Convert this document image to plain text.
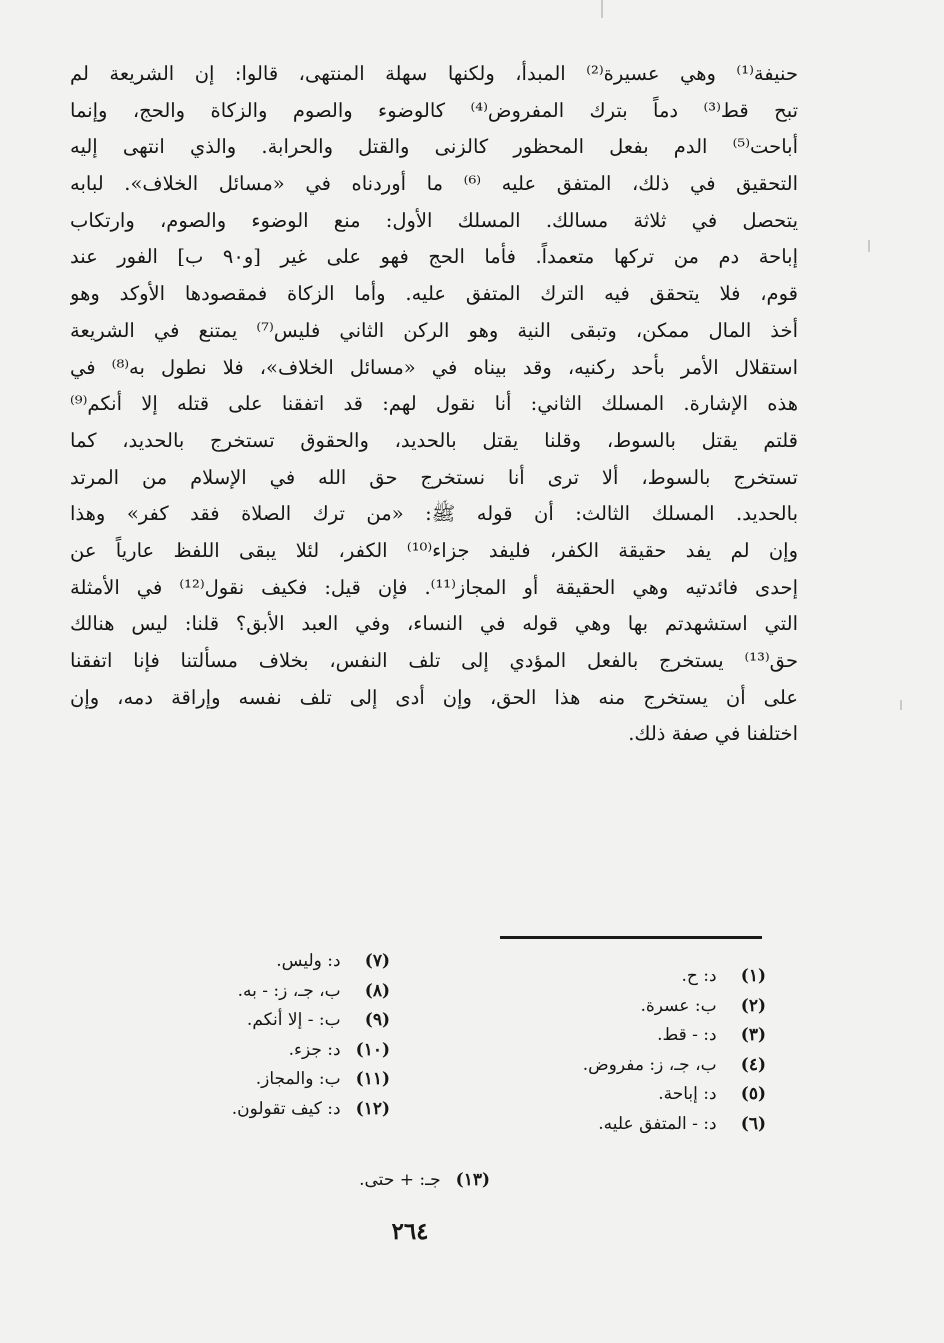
حنيفة⁽¹⁾ وهي عسيرة⁽²⁾ المبدأ، ولكنها سهلة المنتهى، قالوا: إن الشريعة لم
تبح قط⁽³⁾ دماً بترك المفروض⁽⁴⁾ كالوضوء والصوم والزكاة والحج، وإنما
أباحت⁽⁵⁾ الدم بفعل المحظور كالزنى والقتل والحرابة. والذي انتهى إليه
التحقيق في ذلك، المتفق عليه ⁽⁶⁾ ما أوردناه في «مسائل الخلاف». لبابه
يتحصل في ثلاثة مسالك. المسلك الأول: منع الوضوء والصوم، وارتكاب
إباحة دم من تركها متعمداً. فأما الحج فهو على غير [و٩٠ ب] الفور عند
قوم، فلا يتحقق فيه الترك المتفق عليه. وأما الزكاة فمقصودها الأوكد وهو
أخذ المال ممكن، وتبقى النية وهو الركن الثاني فليس⁽⁷⁾ يمتنع في الشريعة
استقلال الأمر بأحد ركنيه، وقد بيناه في «مسائل الخلاف»، فلا نطول به⁽⁸⁾ في
هذه الإشارة. المسلك الثاني: أنا نقول لهم: قد اتفقنا على قتله إلا أنكم⁽⁹⁾
قلتم يقتل بالسوط، وقلنا يقتل بالحديد، والحقوق تستخرج بالحديد، كما
تستخرج بالسوط، ألا ترى أنا نستخرج حق الله في الإسلام من المرتد
بالحديد. المسلك الثالث: أن قوله ﷺ: «من ترك الصلاة فقد كفر» وهذا
وإن لم يفد حقيقة الكفر، فليفد جزاء⁽¹⁰⁾ الكفر، لئلا يبقى اللفظ عارياً عن
إحدى فائدتيه وهي الحقيقة أو المجاز⁽¹¹⁾. فإن قيل: فكيف نقول⁽¹²⁾ في الأمثلة
التي استشهدتم بها وهي قوله في النساء، وفي العبد الأبق؟ قلنا: ليس هنالك
حق⁽¹³⁾ يستخرج بالفعل المؤدي إلى تلف النفس، بخلاف مسألتنا فإنا اتفقنا
على أن يستخرج منه هذا الحق، وإن أدى إلى تلف نفسه وإراقة دمه، وإن
اختلفنا في صفة ذلك.
(١) د: ح.
(٢) ب: عسرة.
(٣) د: - قط.
(٤) ب، جـ، ز: مفروض.
(٥) د: إباحة.
(٦) د: - المتفق عليه.
(٧) د: وليس.
(٨) ب، جـ، ز: - به.
(٩) ب: - إلا أنكم.
(١٠) د: جزء.
(١١) ب: والمجاز.
(١٢) د: كيف تقولون.
(١٣) جـ: + حتى.
٢٦٤
